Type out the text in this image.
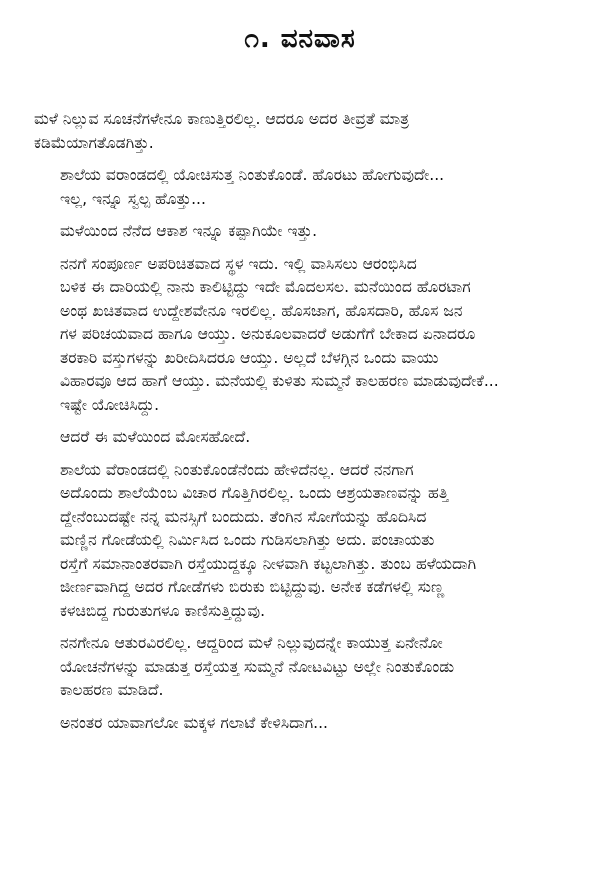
೧. ವನವಾಸ
ಮಳೆ ನಿಲ್ಲುವ ಸೂಚನೆಗಳೇನೂ ಕಾಣುತ್ತಿರಲಿಲ್ಲ. ಆದರೂ ಅದರ ತೀವ್ರತೆ ಮಾತ್ರ
ಕಡಿಮೆಯಾಗತೊಡಗಿತ್ತು.
ಶಾಲೆಯ ವರಾಂಡದಲ್ಲಿ ಯೋಚಿಸುತ್ತ ನಿಂತುಕೊಂಡೆ. ಹೊರಟು ಹೋಗುವುದೇ...
ಇಲ್ಲ, ಇನ್ನೂ ಸ್ವಲ್ಪ ಹೊತ್ತು...
ಮಳೆಯಿಂದ ನೆನೆದ ಆಕಾಶ ಇನ್ನೂ ಕಪ್ಪಾಗಿಯೇ ಇತ್ತು.
ನನಗೆ ಸಂಪೂರ್ಣ ಅಪರಿಚಿತವಾದ ಸ್ಥಳ ಇದು. ಇಲ್ಲಿ ವಾಸಿಸಲು ಆರಂಭಿಸಿದ
ಬಳಿಕ ಈ ದಾರಿಯಲ್ಲಿ ನಾನು ಕಾಲಿಟ್ಟಿದ್ದು ಇದೇ ಮೊದಲಸಲ. ಮನೆಯಿಂದ ಹೊರಟಾಗ
ಅಂಥ ಖಚಿತವಾದ ಉದ್ದೇಶವೇನೂ ಇರಲಿಲ್ಲ. ಹೊಸಜಾಗ, ಹೊಸದಾರಿ, ಹೊಸ ಜನ
ಗಳ ಪರಿಚಯವಾದ ಹಾಗೂ ಆಯ್ತು. ಅನುಕೂಲವಾದರೆ ಅಡುಗೆಗೆ ಬೇಕಾದ ಏನಾದರೂ
ತರಕಾರಿ ವಸ್ತುಗಳನ್ನು ಖರೀದಿಸಿದರೂ ಆಯ್ತು. ಅಲ್ಲದೆ ಬೆಳಗ್ಗಿನ ಒಂದು ವಾಯು
ವಿಹಾರವೂ ಆದ ಹಾಗೆ ಆಯ್ತು. ಮನೆಯಲ್ಲಿ ಕುಳಿತು ಸುಮ್ಮನೆ ಕಾಲಹರಣ ಮಾಡುವುದೇಕೆ...
ಇಷ್ಟೇ ಯೋಚಿಸಿದ್ದು.
ಆದರೆ ಈ ಮಳೆಯಿಂದ ಮೋಸಹೋದೆ.
ಶಾಲೆಯ ವೆರಾಂಡದಲ್ಲಿ ನಿಂತುಕೊಂಡೆನೆಂದು ಹೇಳಿದೆನಲ್ಲ. ಆದರೆ ನನಗಾಗ
ಅದೊಂದು ಶಾಲೆಯೆಂಬ ವಿಚಾರ ಗೊತ್ತಿಗಿರಲಿಲ್ಲ. ಒಂದು ಆಶ್ರಯತಾಣವನ್ನು ಹತ್ತಿ
ದ್ದೇನೆಂಬುದಷ್ಟೇ ನನ್ನ ಮನಸ್ಸಿಗೆ ಬಂದುದು. ತೆಂಗಿನ ಸೋಗೆಯನ್ನು ಹೊದಿಸಿದ
ಮಣ್ಣಿನ ಗೋಡೆಯಲ್ಲಿ ನಿರ್ಮಿಸಿದ ಒಂದು ಗುಡಿಸಲಾಗಿತ್ತು ಅದು. ಪಂಚಾಯತು
ರಸ್ತೆಗೆ ಸಮಾನಾಂತರವಾಗಿ ರಸ್ತೆಯುದ್ದಕ್ಕೂ ನೀಳವಾಗಿ ಕಟ್ಟಲಾಗಿತ್ತು. ತುಂಬ ಹಳೆಯದಾಗಿ
ಜೀರ್ಣವಾಗಿದ್ದ ಅದರ ಗೋಡೆಗಳು ಬಿರುಕು ಬಿಟ್ಟಿದ್ದುವು. ಅನೇಕ ಕಡೆಗಳಲ್ಲಿ ಸುಣ್ಣ
ಕಳಚಿಬಿದ್ದ ಗುರುತುಗಳೂ ಕಾಣಿಸುತ್ತಿದ್ದುವು.
ನನಗೇನೂ ಆತುರವಿರಲಿಲ್ಲ. ಆದ್ದರಿಂದ ಮಳೆ ನಿಲ್ಲುವುದನ್ನೇ ಕಾಯುತ್ತ ಏನೇನೋ
ಯೋಚನೆಗಳನ್ನು ಮಾಡುತ್ತ ರಸ್ತೆಯತ್ತ ಸುಮ್ಮನೆ ನೋಟವಿಟ್ಟು ಅಲ್ಲೇ ನಿಂತುಕೊಂಡು
ಕಾಲಹರಣ ಮಾಡಿದೆ.
ಅನಂತರ ಯಾವಾಗಲೋ ಮಕ್ಕಳ ಗಲಾಟೆ ಕೇಳಿಸಿದಾಗ...
